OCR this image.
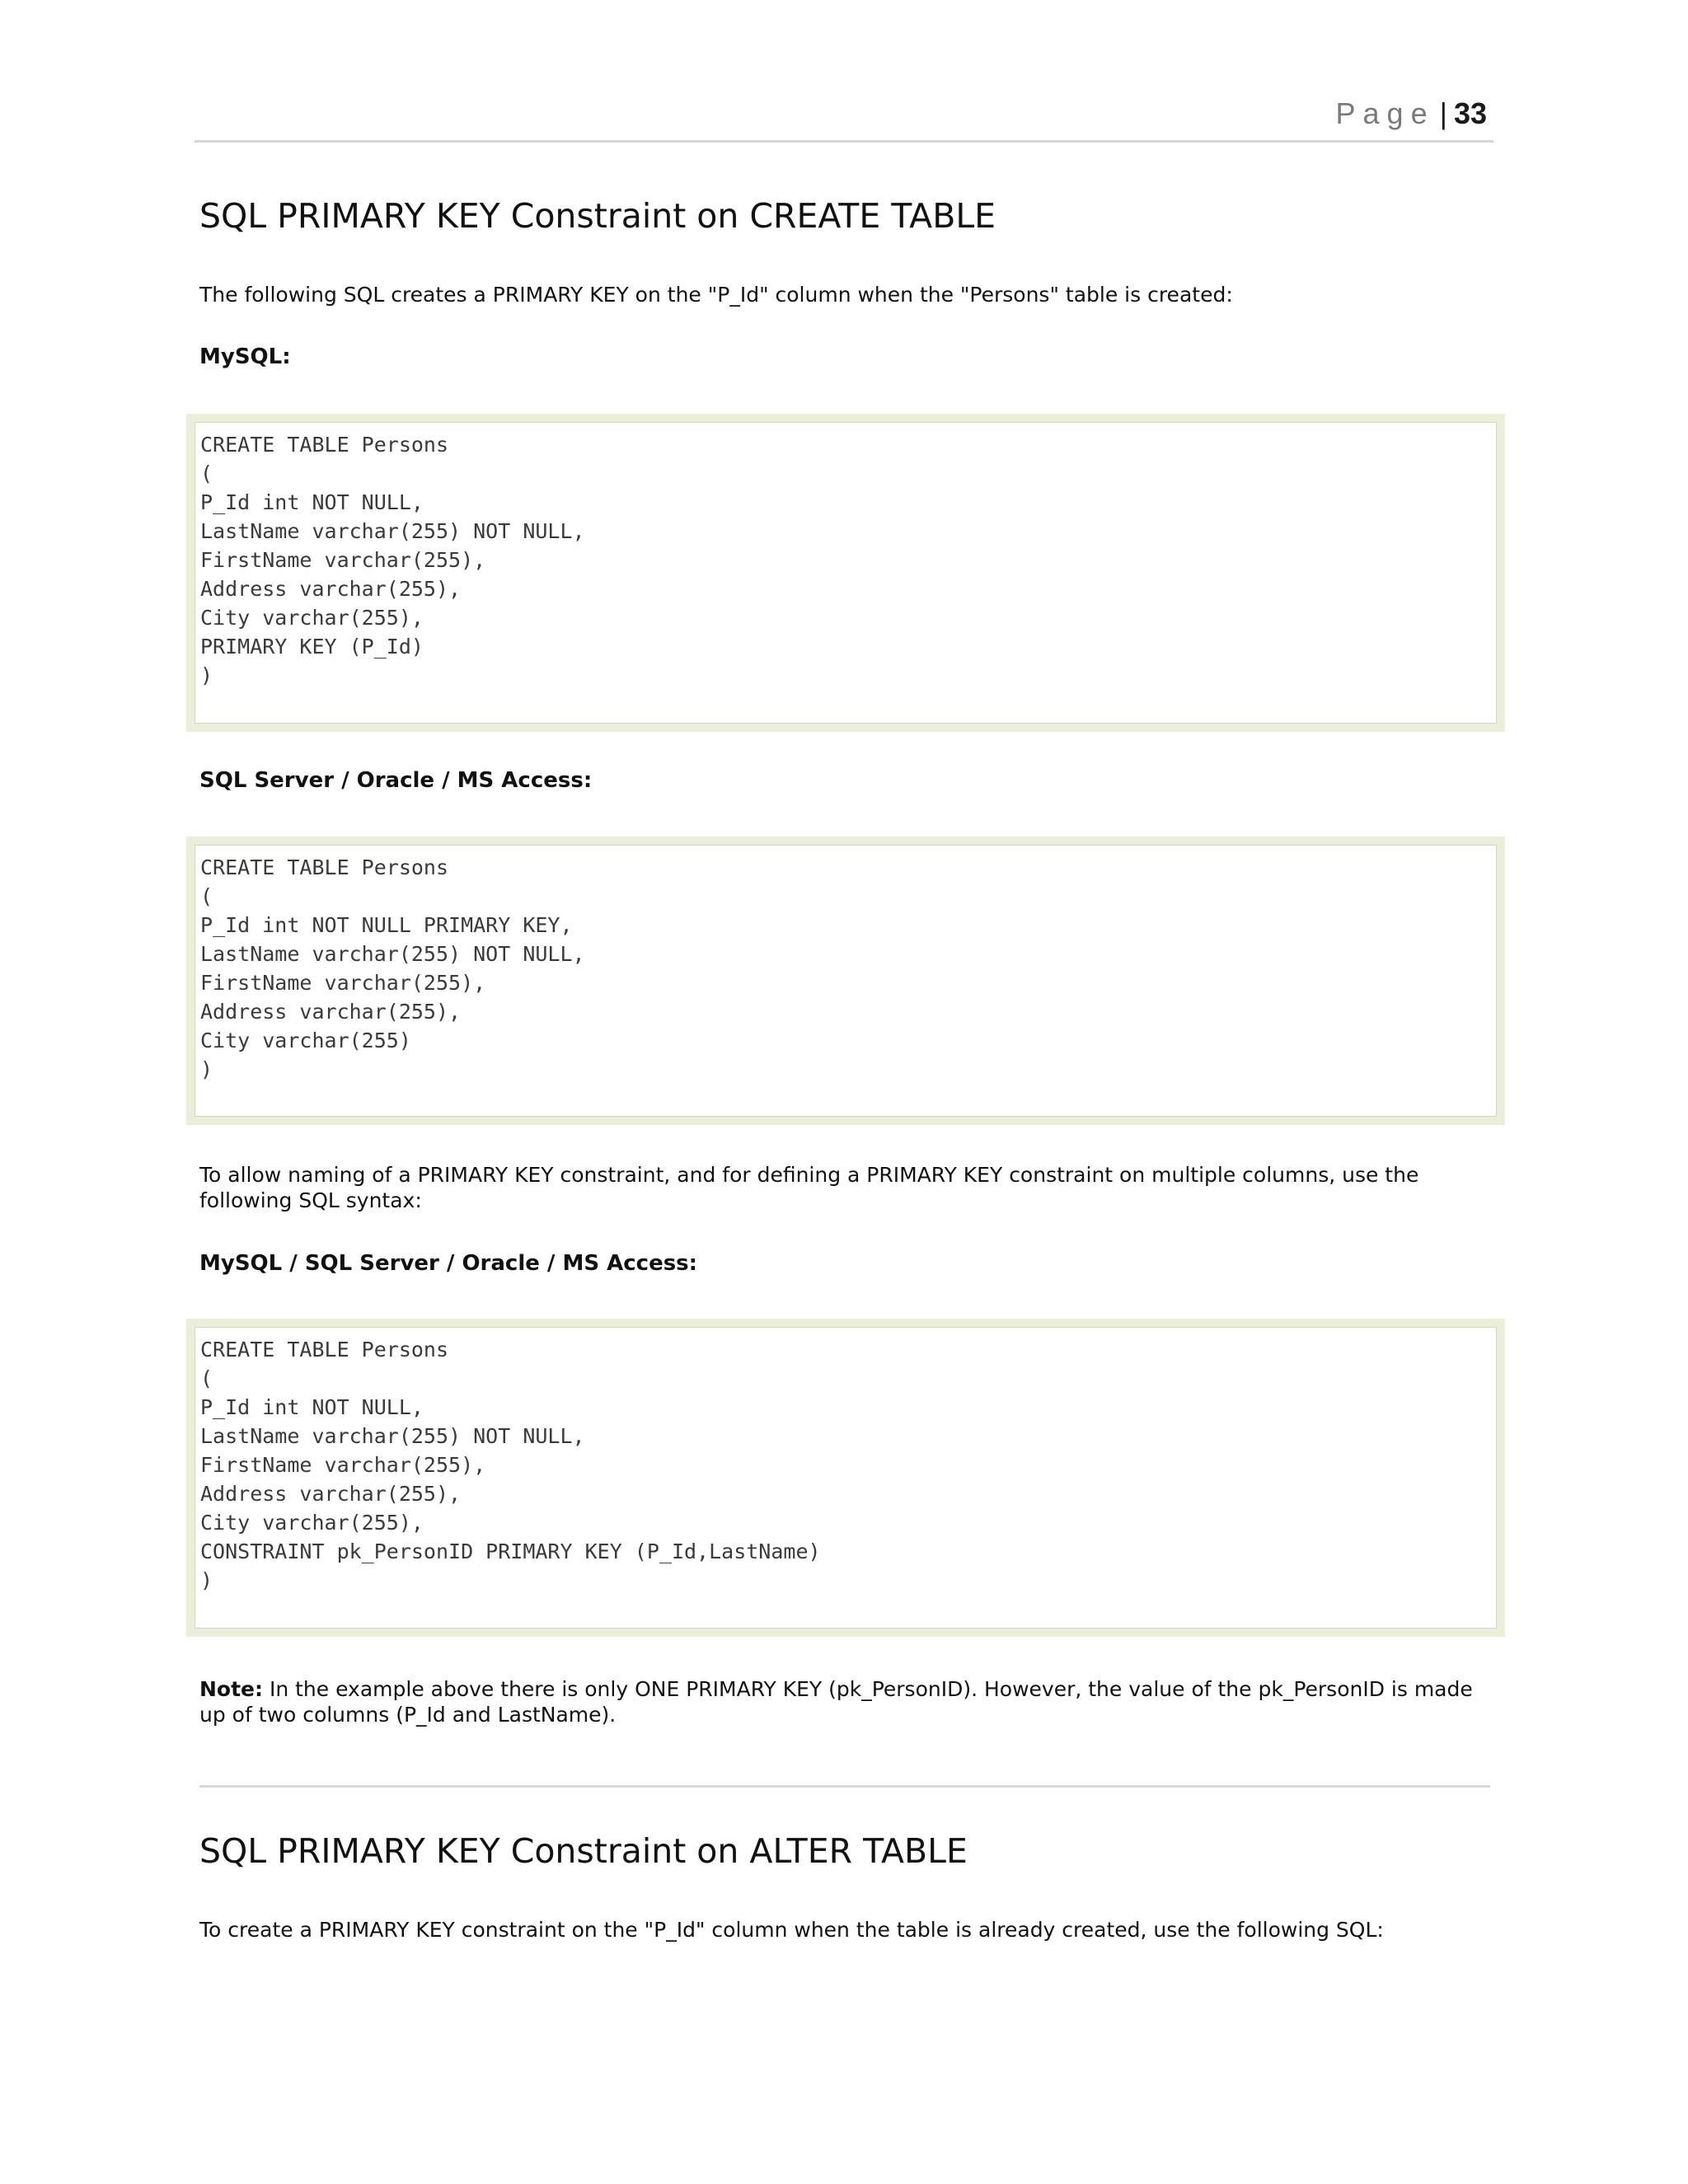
Page | 33
SQL PRIMARY KEY Constraint on CREATE TABLE

The following SQL creates a PRIMARY KEY on the "P_Id" column when the "Persons" table is created:

MySQL:

CREATE TABLE Persons
(
P_Id int NOT NULL,
LastName varchar(255) NOT NULL,
FirstName varchar(255),
Address varchar(255),
City varchar(255),
PRIMARY KEY (P_Id)
)

SQL Server / Oracle / MS Access:

CREATE TABLE Persons
(
P_Id int NOT NULL PRIMARY KEY,
LastName varchar(255) NOT NULL,
FirstName varchar(255),
Address varchar(255),
City varchar(255)
)

To allow naming of a PRIMARY KEY constraint, and for defining a PRIMARY KEY constraint on multiple columns, use the following SQL syntax:

MySQL / SQL Server / Oracle / MS Access:

CREATE TABLE Persons
(
P_Id int NOT NULL,
LastName varchar(255) NOT NULL,
FirstName varchar(255),
Address varchar(255),
City varchar(255),
CONSTRAINT pk_PersonID PRIMARY KEY (P_Id,LastName)
)

Note: In the example above there is only ONE PRIMARY KEY (pk_PersonID). However, the value of the pk_PersonID is made up of two columns (P_Id and LastName).

SQL PRIMARY KEY Constraint on ALTER TABLE

To create a PRIMARY KEY constraint on the "P_Id" column when the table is already created, use the following SQL:
